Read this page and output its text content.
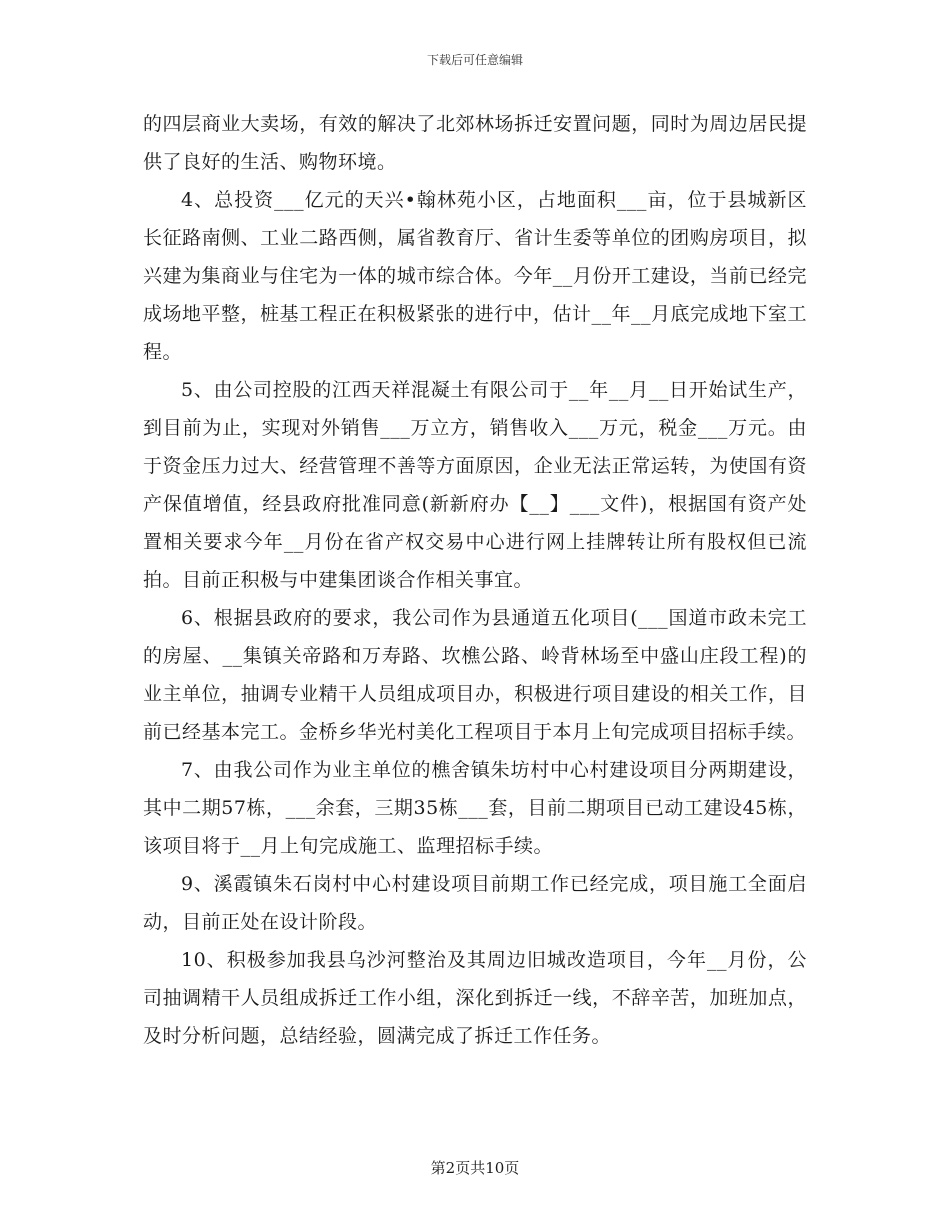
下载后可任意编辑

的四层商业大卖场，有效的解决了北郊林场拆迁安置问题，同时为周边居民提供了良好的生活、购物环境。

4、总投资___亿元的天兴•翰林苑小区，占地面积___亩，位于县城新区长征路南侧、工业二路西侧，属省教育厅、省计生委等单位的团购房项目，拟兴建为集商业与住宅为一体的城市综合体。今年__月份开工建设，当前已经完成场地平整，桩基工程正在积极紧张的进行中，估计__年__月底完成地下室工程。

5、由公司控股的江西天祥混凝土有限公司于__年__月__日开始试生产，到目前为止，实现对外销售___万立方，销售收入___万元，税金___万元。由于资金压力过大、经营管理不善等方面原因，企业无法正常运转，为使国有资产保值增值，经县政府批准同意(新新府办【__】___文件)，根据国有资产处置相关要求今年__月份在省产权交易中心进行网上挂牌转让所有股权但已流拍。目前正积极与中建集团谈合作相关事宜。

6、根据县政府的要求，我公司作为县通道五化项目(___国道市政未完工的房屋、__集镇关帝路和万寿路、坎樵公路、岭背林场至中盛山庄段工程)的业主单位，抽调专业精干人员组成项目办，积极进行项目建设的相关工作，目前已经基本完工。金桥乡华光村美化工程项目于本月上旬完成项目招标手续。

7、由我公司作为业主单位的樵舍镇朱坊村中心村建设项目分两期建设，其中二期57栋，___余套，三期35栋___套，目前二期项目已动工建设45栋，该项目将于__月上旬完成施工、监理招标手续。

9、溪霞镇朱石岗村中心村建设项目前期工作已经完成，项目施工全面启动，目前正处在设计阶段。

10、积极参加我县乌沙河整治及其周边旧城改造项目，今年__月份，公司抽调精干人员组成拆迁工作小组，深化到拆迁一线，不辞辛苦，加班加点，及时分析问题，总结经验，圆满完成了拆迁工作任务。

第2页共10页
